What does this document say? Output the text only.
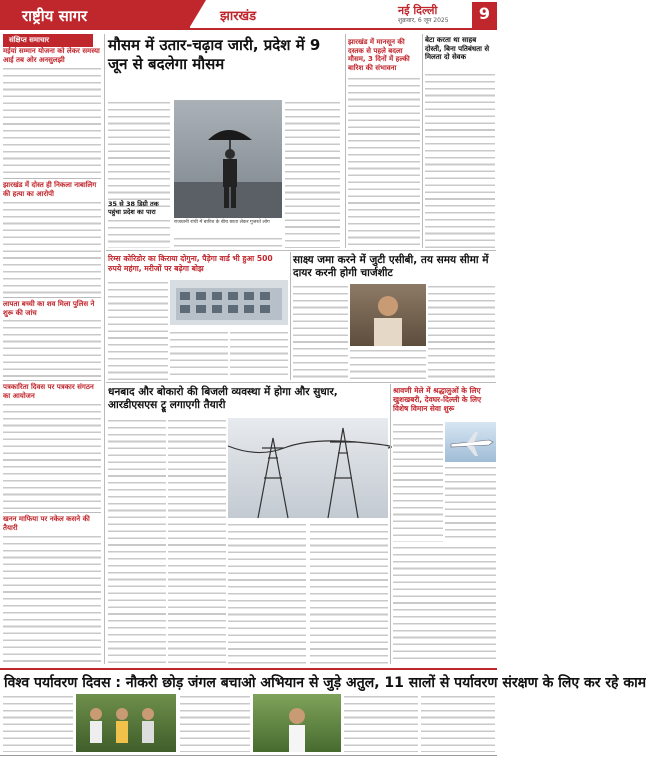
राष्ट्रीय सागर	झारखंड	नई दिल्ली
शुक्रवार, 6 जून 2025	9
संक्षिप्त समाचार
मईयां सम्मान योजना को लेकर समस्या आई तब ओर अनसुलझी
झारखंड में दोस्त ही निकला नाबालिग की हत्या का आरोपी
लापता बच्ची का शव मिला पुलिस ने शुरू की जांच
पत्रकारिता दिवस पर पत्रकार संगठन का आयोजन
खनन माफिया पर नकेल कसने की तैयारी
मौसम में उतार-चढ़ाव जारी, प्रदेश में 9 जून से बदलेगा मौसम
राजधानी रांची में बारिश के बीच छाता लेकर गुजरते लोग
35 से 38 डिग्री तक पहुंचा प्रदेश का पारा
झारखंड में मानसून की दस्तक से पहले बदला मौसम, 3 दिनों में हल्की बारिश की संभावना
बेटा करता था साहब दोस्ती, बिना पतिबंधता से मिलता दो सेवक
रिम्स कोरिडोर का किराया दोगुना, पैड़ेगा वार्ड भी हुआ 500 रुपये महंगा, मरीजों पर बढ़ेगा बोझ
साक्ष्य जमा करने में जुटी एसीबी, तय समय सीमा में दायर करनी होगी चार्जशीट
धनबाद और बोकारो की बिजली व्यवस्था में होगा और सुधार, आरडीएसएस ट्रू लगाएगी तैयारी
श्रावणी मेले में श्रद्धालुओं के लिए खुशखबरी, देवघर-दिल्ली के लिए विशेष विमान सेवा शुरू
विश्व पर्यावरण दिवस : नौकरी छोड़ जंगल बचाओ अभियान से जुड़े अतुल, 11 सालों से पर्यावरण संरक्षण के लिए कर रहे काम
